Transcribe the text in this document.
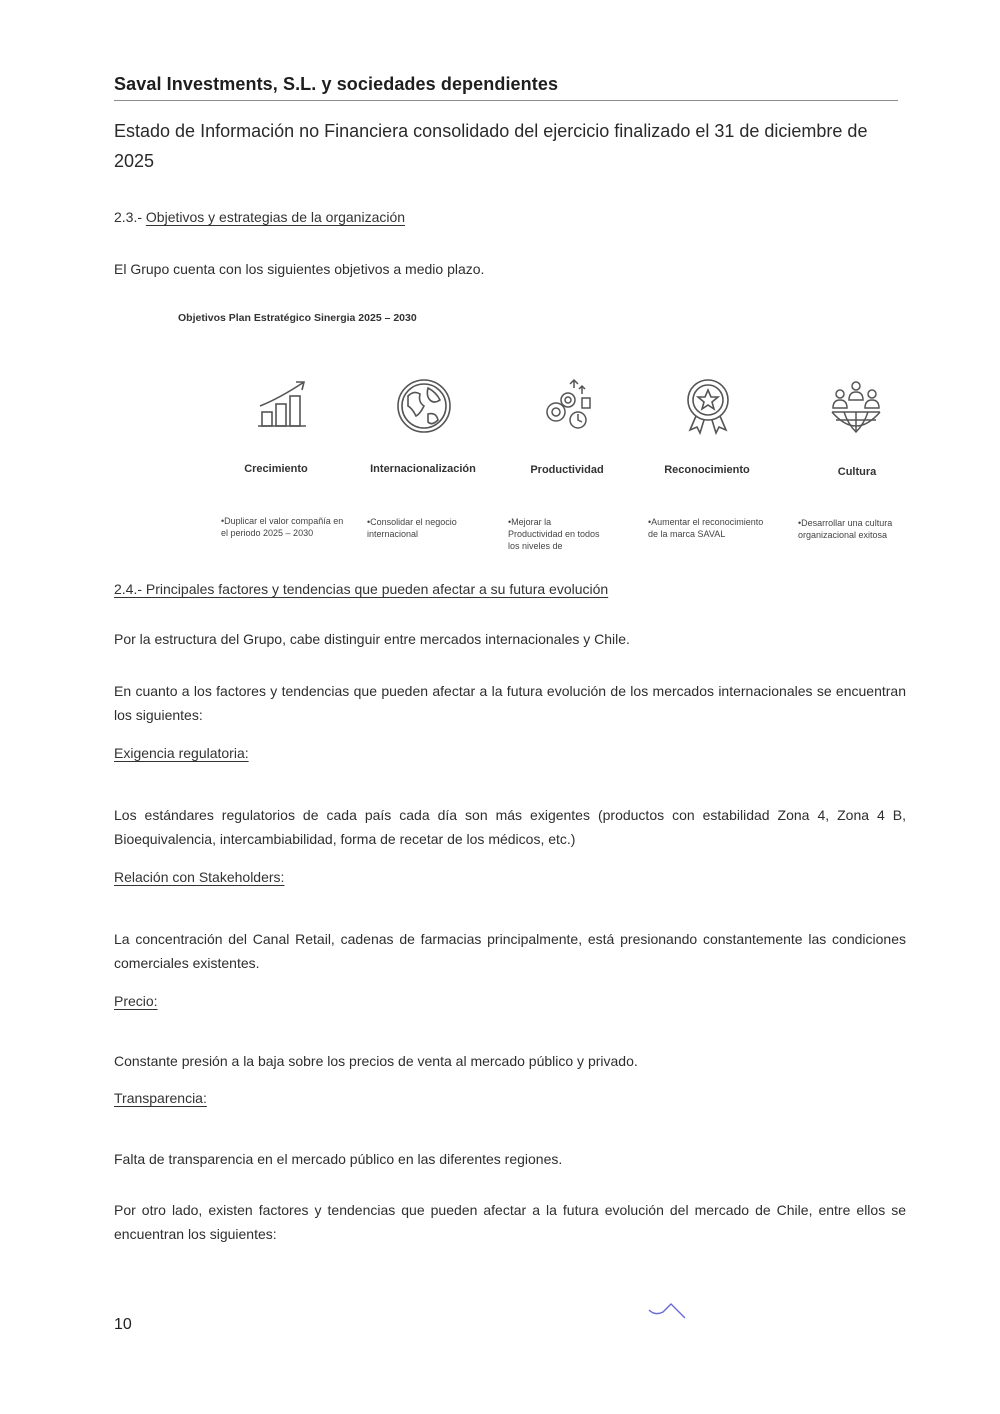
Saval Investments, S.L. y sociedades dependientes
Estado de Información no Financiera consolidado del ejercicio finalizado el 31 de diciembre de 2025
2.3.- Objetivos y estrategias de la organización
El Grupo cuenta con los siguientes objetivos a medio plazo.
Objetivos Plan Estratégico Sinergia 2025 – 2030
Crecimiento	Internacionalización	Productividad	Reconocimiento	Cultura
• Duplicar el valor compañía en el periodo 2025 – 2030
• Consolidar el negocio internacional
• Mejorar la Productividad en todos los niveles de
• Aumentar el reconocimiento de la marca SAVAL
• Desarrollar una cultura organizacional exitosa
2.4.- Principales factores y tendencias que pueden afectar a su futura evolución
Por la estructura del Grupo, cabe distinguir entre mercados internacionales y Chile.
En cuanto a los factores y tendencias que pueden afectar a la futura evolución de los mercados internacionales se encuentran los siguientes:
Exigencia regulatoria:
Los estándares regulatorios de cada país cada día son más exigentes (productos con estabilidad Zona 4, Zona 4 B, Bioequivalencia, intercambiabilidad, forma de recetar de los médicos, etc.)
Relación con Stakeholders:
La concentración del Canal Retail, cadenas de farmacias principalmente, está presionando constantemente las condiciones comerciales existentes.
Precio:
Constante presión a la baja sobre los precios de venta al mercado público y privado.
Transparencia:
Falta de transparencia en el mercado público en las diferentes regiones.
Por otro lado, existen factores y tendencias que pueden afectar a la futura evolución del mercado de Chile, entre ellos se encuentran los siguientes:
10
